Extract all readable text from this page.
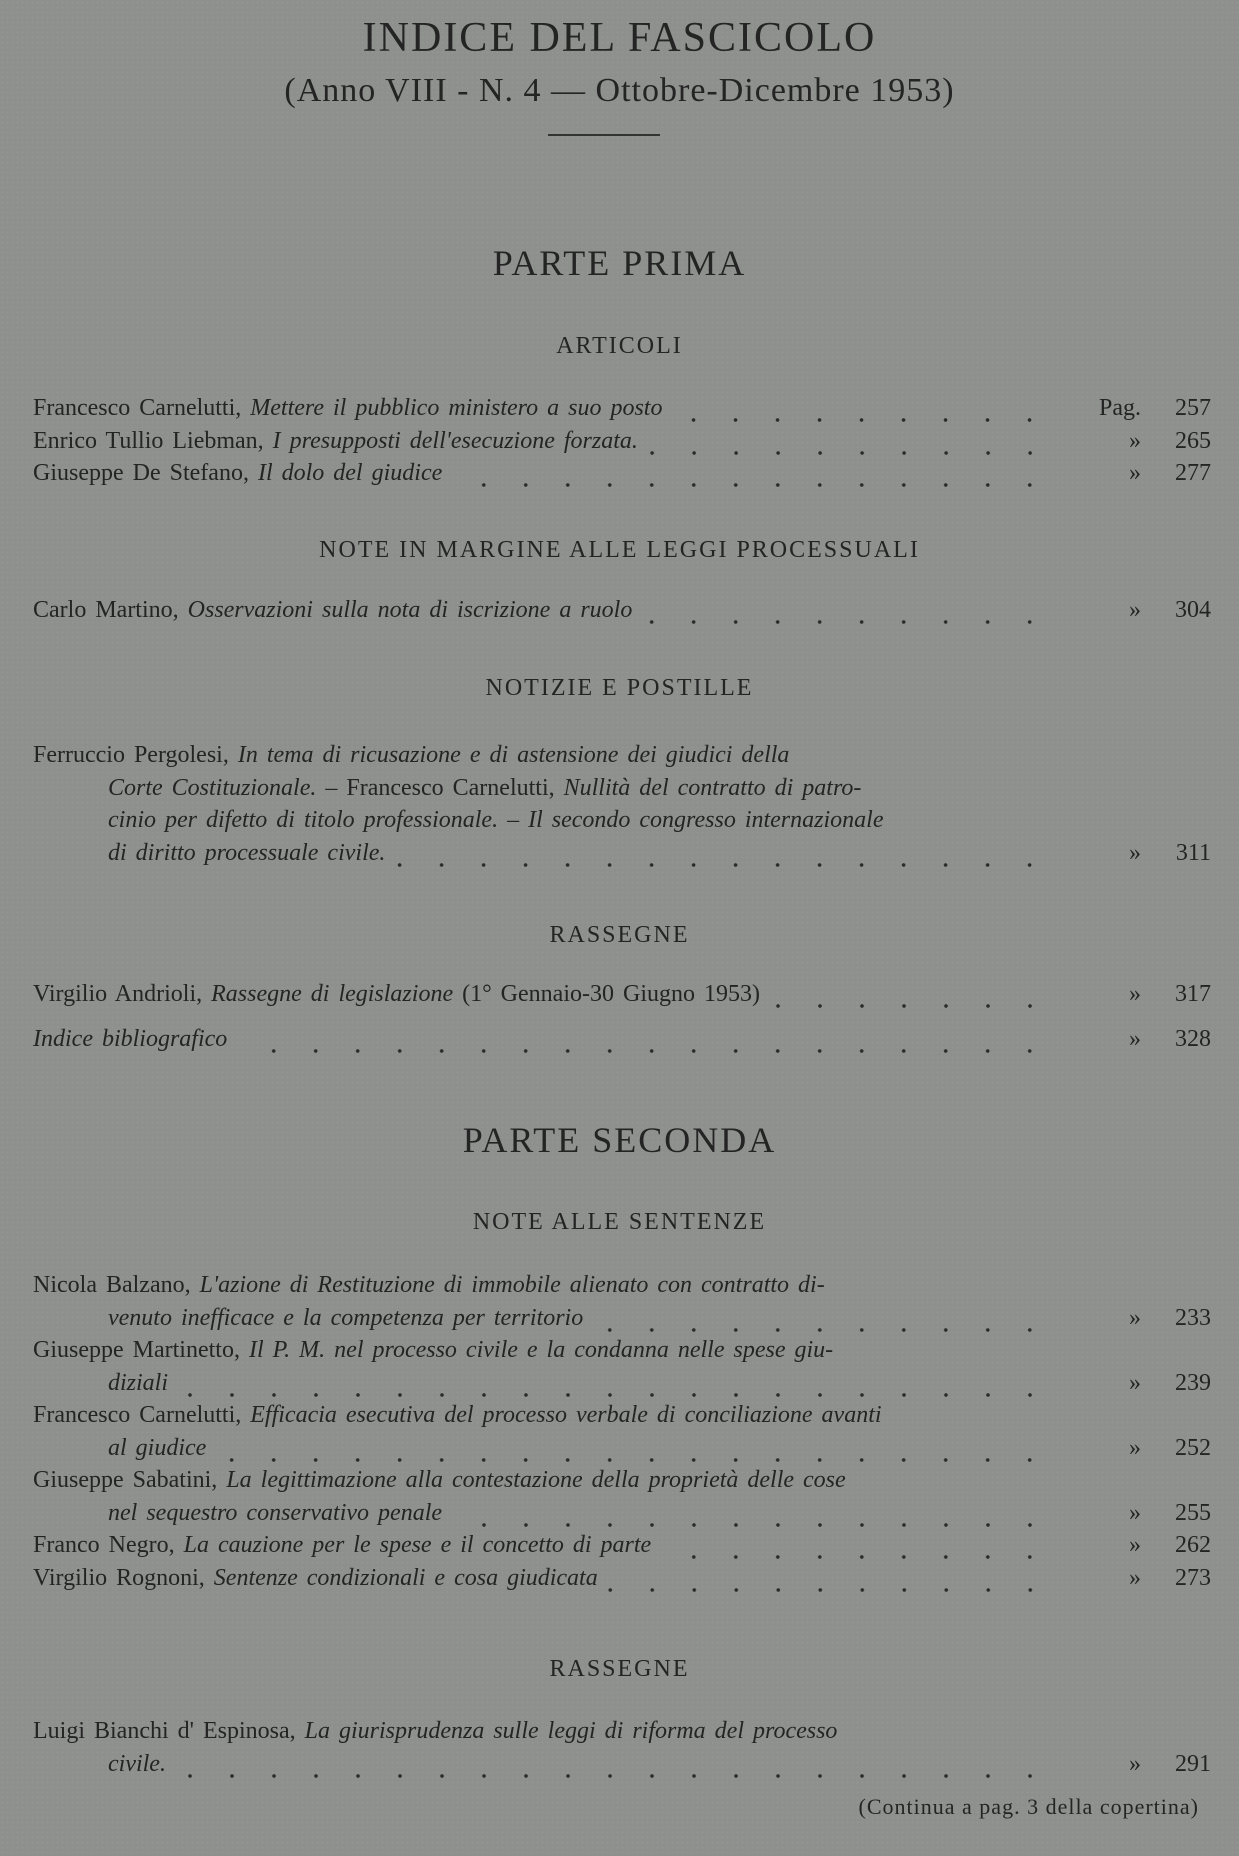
INDICE DEL FASCICOLO
(Anno VIII - N. 4 — Ottobre-Dicembre 1953)
PARTE PRIMA
ARTICOLI
Francesco Carnelutti, Mettere il pubblico ministero a suo posto	Pag.	257
Enrico Tullio Liebman, I presupposti dell'esecuzione forzata.	»	265
Giuseppe De Stefano, Il dolo del giudice	»	277
NOTE IN MARGINE ALLE LEGGI PROCESSUALI
Carlo Martino, Osservazioni sulla nota di iscrizione a ruolo	»	304
NOTIZIE E POSTILLE
Ferruccio Pergolesi, In tema di ricusazione e di astensione dei giudici della
Corte Costituzionale. – Francesco Carnelutti, Nullità del contratto di patro-
cinio per difetto di titolo professionale. – Il secondo congresso internazionale
di diritto processuale civile.	»	311
RASSEGNE
Virgilio Andrioli, Rassegne di legislazione (1° Gennaio-30 Giugno 1953)	»	317
Indice bibliografico	»	328
PARTE SECONDA
NOTE ALLE SENTENZE
Nicola Balzano, L'azione di Restituzione di immobile alienato con contratto di-
venuto inefficace e la competenza per territorio	»	233
Giuseppe Martinetto, Il P. M. nel processo civile e la condanna nelle spese giu-
diziali	»	239
Francesco Carnelutti, Efficacia esecutiva del processo verbale di conciliazione avanti
al giudice	»	252
Giuseppe Sabatini, La legittimazione alla contestazione della proprietà delle cose
nel sequestro conservativo penale	»	255
Franco Negro, La cauzione per le spese e il concetto di parte	»	262
Virgilio Rognoni, Sentenze condizionali e cosa giudicata	»	273
RASSEGNE
Luigi Bianchi d' Espinosa, La giurisprudenza sulle leggi di riforma del processo
civile.	»	291
(Continua a pag. 3 della copertina)
